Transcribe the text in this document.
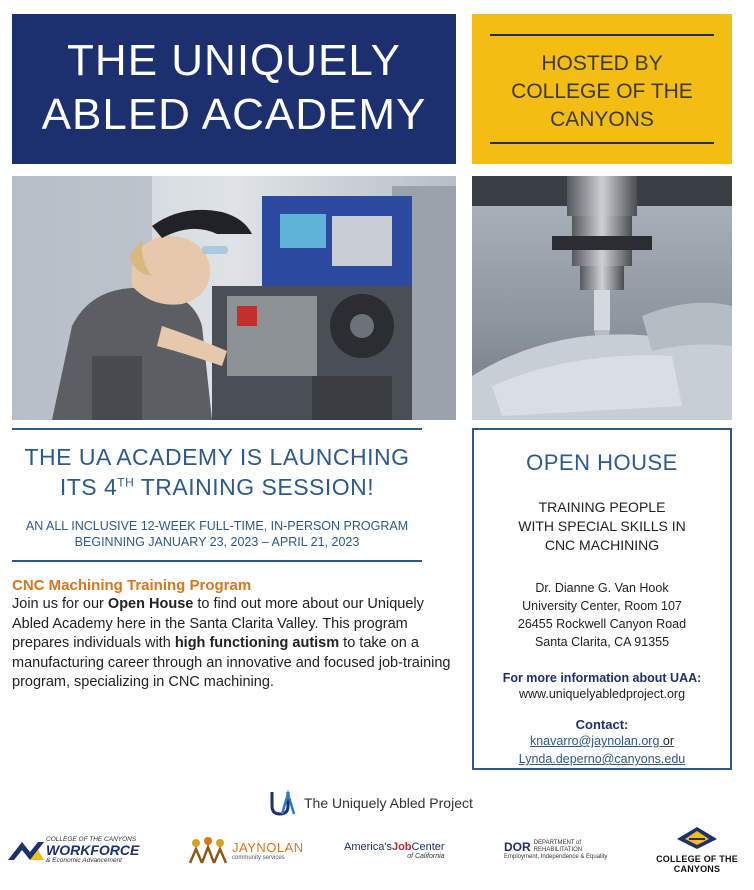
THE UNIQUELY
ABLED ACADEMY
HOSTED BY
COLLEGE OF THE
CANYONS
THE UA ACADEMY IS LAUNCHING
ITS 4TH TRAINING SESSION!
AN ALL INCLUSIVE 12-WEEK FULL-TIME, IN-PERSON PROGRAM
BEGINNING JANUARY 23, 2023 – APRIL 21, 2023
CNC Machining Training Program
Join us for our Open House to find out more about our Uniquely Abled Academy here in the Santa Clarita Valley. This program prepares individuals with high functioning autism to take on a manufacturing career through an innovative and focused job-training program, specializing in CNC machining.
OPEN HOUSE
TRAINING PEOPLE
WITH SPECIAL SKILLS IN
CNC MACHINING
Dr. Dianne G. Van Hook
University Center, Room 107
26455 Rockwell Canyon Road
Santa Clarita, CA 91355
For more information about UAA:
www.uniquelyabledproject.org
Contact:
knavarro@jaynolan.org or
Lynda.deperno@canyons.edu
The Uniquely Abled Project
COLLEGE OF THE CANYONS
WORKFORCE
& Economic Advancement
JAYNOLAN
community services
America'sJobCenter
of California
DOR DEPARTMENT of
REHABILITATION
Employment, Independence & Equality	COLLEGE OF THE CANYONS
